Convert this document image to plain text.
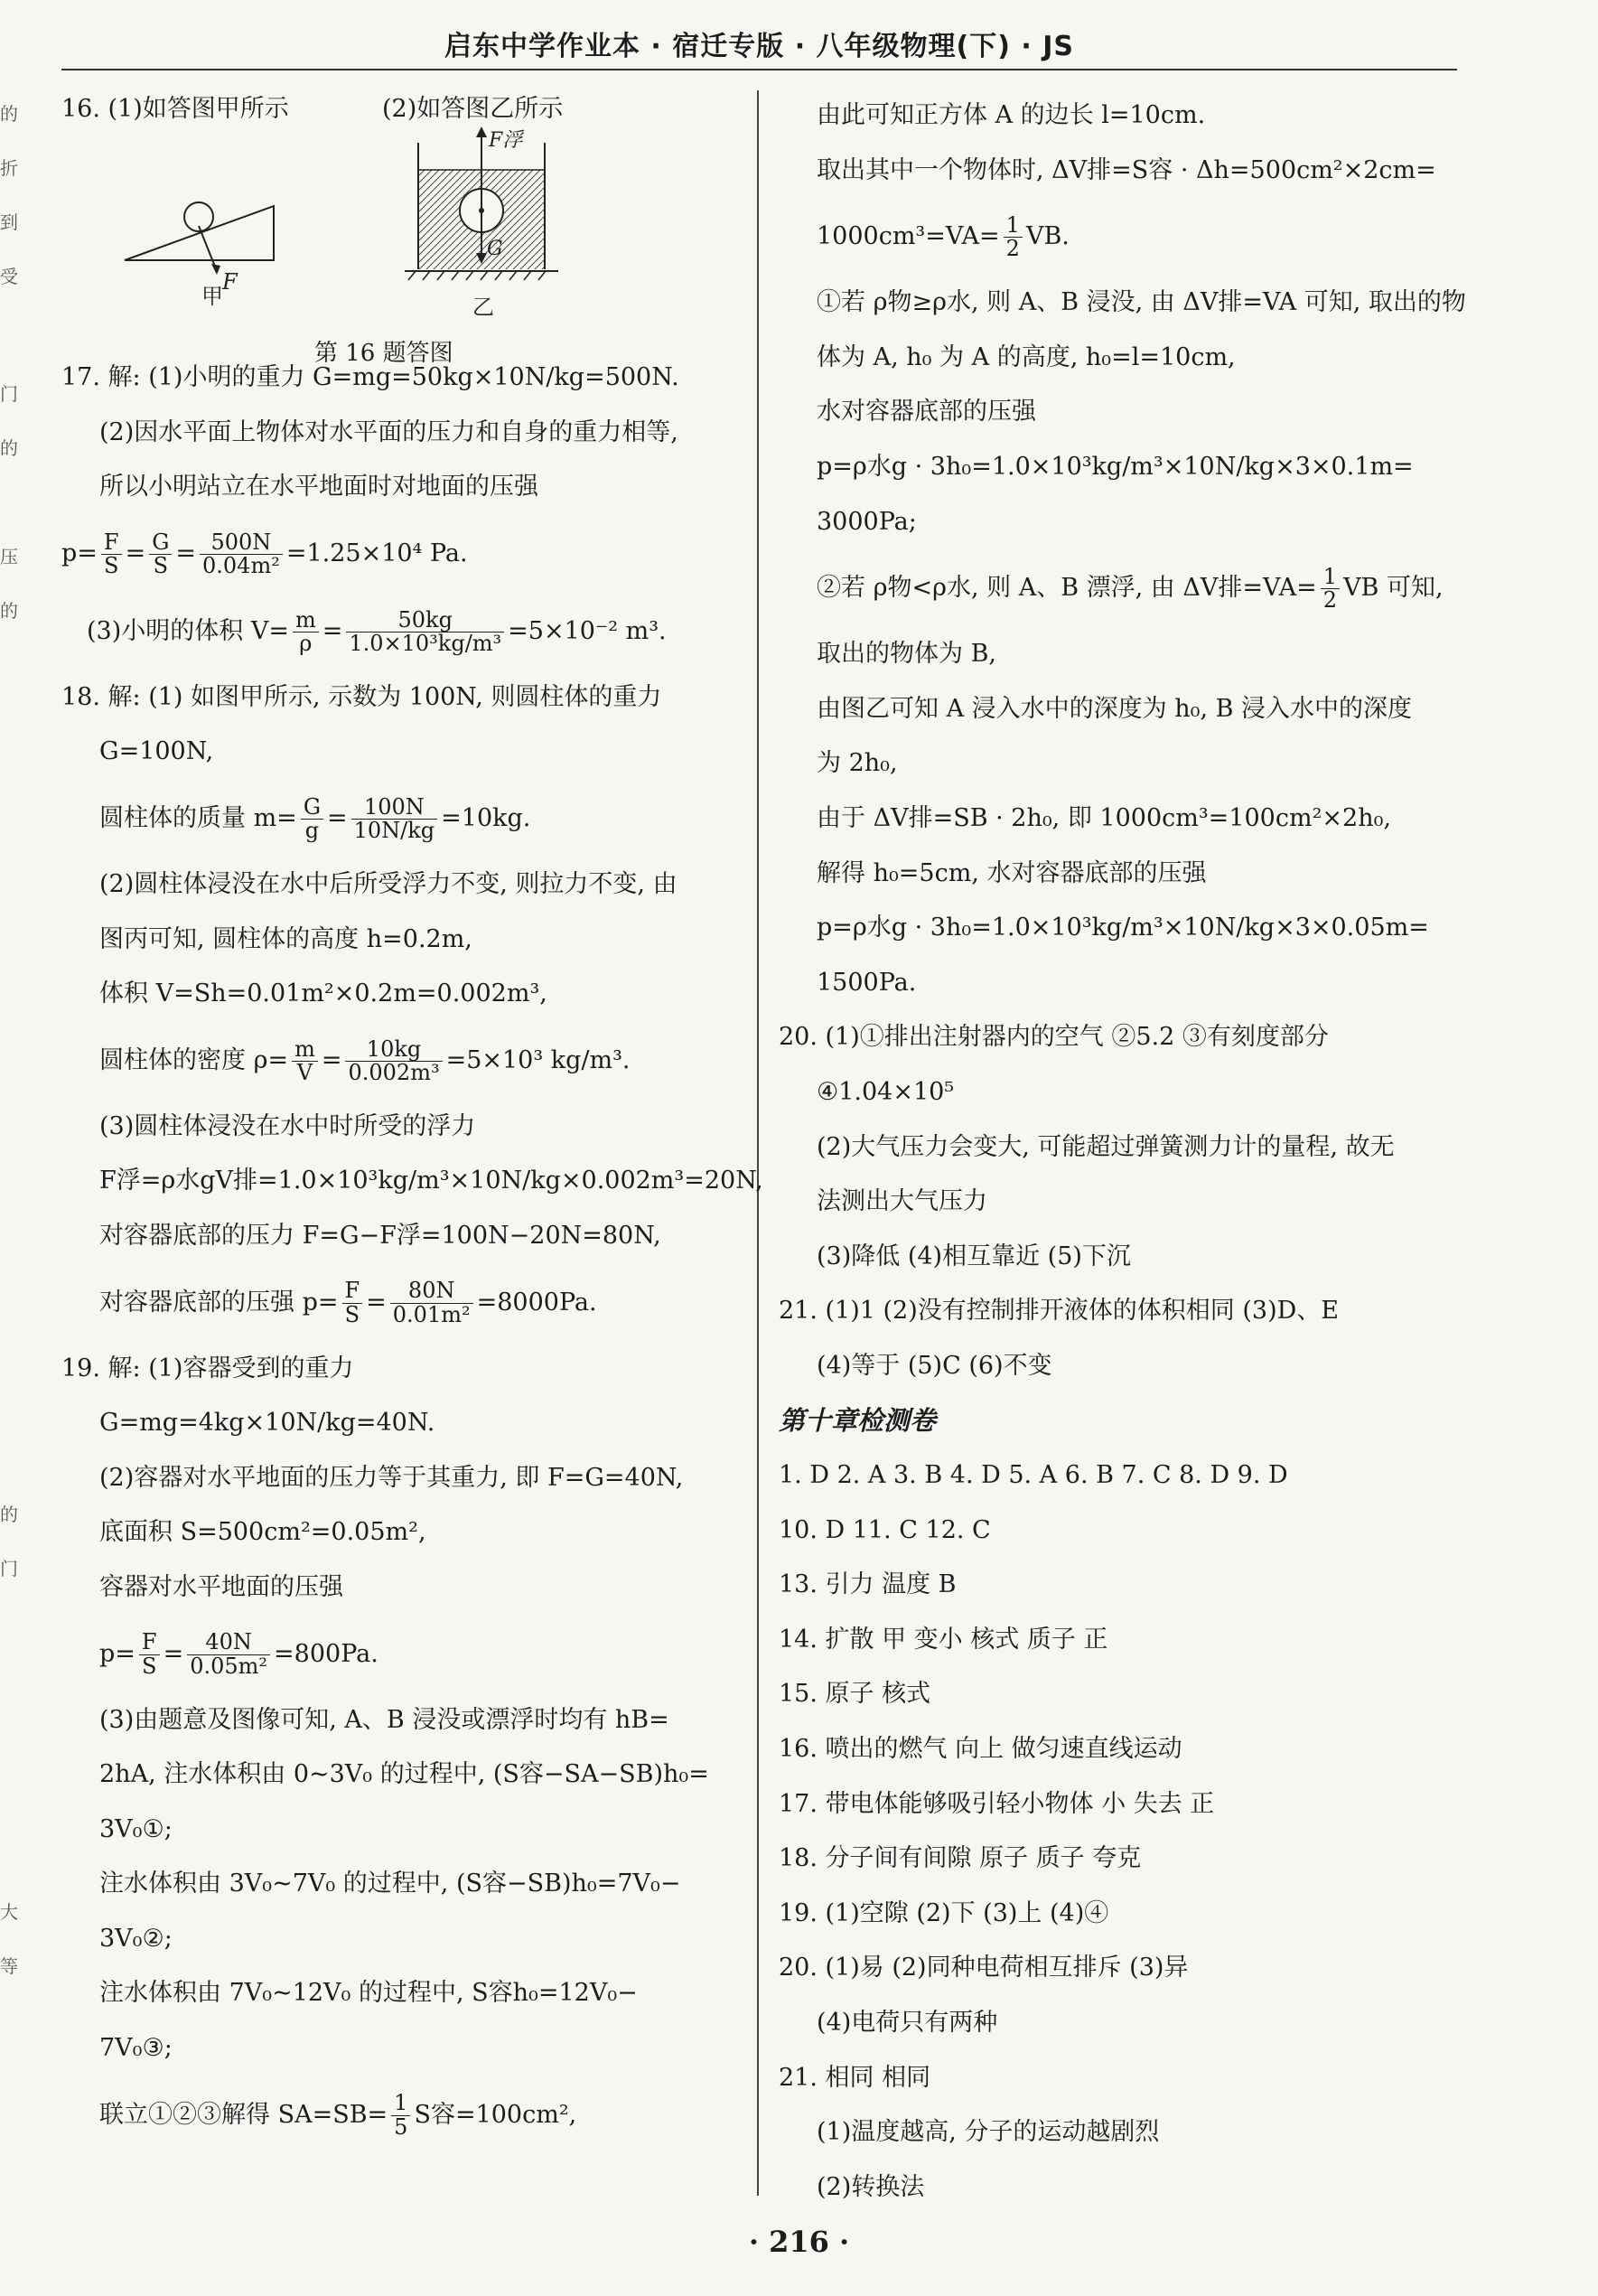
的
折
到
受
门
的
压
的
的
门
大
等
启东中学作业本 · 宿迁专版 · 八年级物理(下) · JS
16. (1)如答图甲所示	(2)如答图乙所示
甲
F
F浮
G
乙
第 16 题答图
17. 解: (1)小明的重力 G=mg=50kg×10N/kg=500N.
(2)因水平面上物体对水平面的压力和自身的重力相等,
所以小明站立在水平地面时对地面的压强
$p= \frac{F}{S} = \frac{G}{S} = \frac{500N}{\text{0.04m²}} =1.25\times 10^4$ Pa.
(3)小明的体积 $V= \frac{m}{\rho} = \frac{50kg}{\text{1.0×10³kg/m³}} =5\times 10^{-2}$ m³.
18. 解: (1) 如图甲所示, 示数为 100N, 则圆柱体的重力
G=100N,
圆柱体的质量 $m= \frac{G}{g} = \frac{100N}{10N/kg} =10kg$.
(2)圆柱体浸没在水中后所受浮力不变, 则拉力不变, 由
图丙可知, 圆柱体的高度 h=0.2m,
体积 V=Sh=0.01m²×0.2m=0.002m³,
圆柱体的密度 $\rho= \frac{m}{V} = \frac{10kg}{\text{0.002m³}} =5\times 10^3$ kg/m³.
(3)圆柱体浸没在水中时所受的浮力
F浮=ρ水gV排=1.0×10³kg/m³×10N/kg×0.002m³=20N,
对容器底部的压力 F=G−F浮=100N−20N=80N,
对容器底部的压强 $p= \frac{F}{S} = \frac{80N}{\text{0.01m²}} =8000Pa$.
19. 解: (1)容器受到的重力
G=mg=4kg×10N/kg=40N.
(2)容器对水平地面的压力等于其重力, 即 F=G=40N,
底面积 S=500cm²=0.05m²,
容器对水平地面的压强
$p= \frac{F}{S} = \frac{40N}{\text{0.05m²}} =800Pa$.
(3)由题意及图像可知, A、B 浸没或漂浮时均有 hB=
2hA, 注水体积由 0~3V₀ 的过程中, (S容−SA−SB)h₀=
3V₀①;
注水体积由 3V₀~7V₀ 的过程中, (S容−SB)h₀=7V₀−
3V₀②;
注水体积由 7V₀~12V₀ 的过程中, S容h₀=12V₀−
7V₀③;
联立①②③解得 $SA=SB= \frac{1}{5}$ S容=100cm²,
由此可知正方体 A 的边长 l=10cm.
取出其中一个物体时, ΔV排=S容 · Δh=500cm²×2cm=
$1000cm^3=VA= \frac{1}{2}$ VB.
①若 ρ物≥ρ水, 则 A、B 浸没, 由 ΔV排=VA 可知, 取出的物
体为 A, h₀ 为 A 的高度, h₀=l=10cm,
水对容器底部的压强
p=ρ水g · 3h₀=1.0×10³kg/m³×10N/kg×3×0.1m=
3000Pa;
②若 ρ物<ρ水, 则 A、B 漂浮, 由 ΔV排$=VA= \frac{1}{2}$ VB 可知,
取出的物体为 B,
由图乙可知 A 浸入水中的深度为 h₀, B 浸入水中的深度
为 2h₀,
由于 ΔV排=SB · 2h₀, 即 1000cm³=100cm²×2h₀,
解得 h₀=5cm, 水对容器底部的压强
p=ρ水g · 3h₀=1.0×10³kg/m³×10N/kg×3×0.05m=
1500Pa.
20. (1)①排出注射器内的空气 ②5.2 ③有刻度部分
④1.04×10⁵
(2)大气压力会变大, 可能超过弹簧测力计的量程, 故无
法测出大气压力
(3)降低 (4)相互靠近 (5)下沉
21. (1)1 (2)没有控制排开液体的体积相同 (3)D、E
(4)等于 (5)C (6)不变
第十章检测卷
1. D 2. A 3. B 4. D 5. A 6. B 7. C 8. D 9. D
10. D 11. C 12. C
13. 引力 温度 B
14. 扩散 甲 变小 核式 质子 正
15. 原子 核式
16. 喷出的燃气 向上 做匀速直线运动
17. 带电体能够吸引轻小物体 小 失去 正
18. 分子间有间隙 原子 质子 夸克
19. (1)空隙 (2)下 (3)上 (4)④
20. (1)易 (2)同种电荷相互排斥 (3)异
(4)电荷只有两种
21. 相同 相同
(1)温度越高, 分子的运动越剧烈
(2)转换法
· 216 ·
